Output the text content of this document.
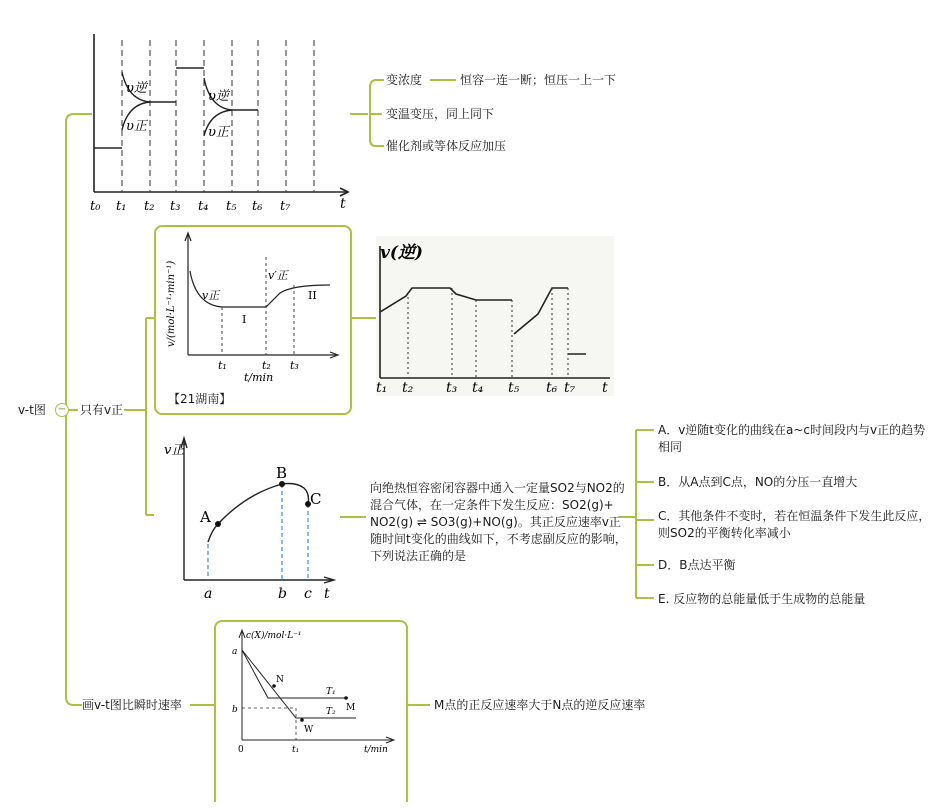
v-t图 −
υ逆
υ正
υ逆
υ正
t₀ t₁ t₂ t₃ t₄ t₅ t₆ t₇	t
变浓度	恒容一连一断；恒压一上一下
变温变压，同上同下
催化剂或等体反应加压
只有v正
v/(mol·L⁻¹·min⁻¹) v正
v′正
I
II
t₁	t₂ t₃
t/min
【21湖南】
v(逆)
t₁ t₂ t₃ t₄ t₅ t₆ t₇ t
v正
A
B
C
a	b c t
向绝热恒容密闭容器中通入一定量SO2与NO2的混合气体，在一定条件下发生反应：SO2(g)+ NO2(g) ⇌ SO3(g)+NO(g)。其正反应速率v正随时间t变化的曲线如下，不考虑副反应的影响，下列说法正确的是
A．v逆随t变化的曲线在a~c时间段内与v正的趋势相同
B．从A点到C点，NO的分压一直增大
C．其他条件不变时，若在恒温条件下发生此反应，则SO2的平衡转化率减小
D．B点达平衡
E. 反应物的总能量低于生成物的总能量
画v-t图比瞬时速率
c(X)/mol·L⁻¹
a
b
0	t₁
N
M
W
T₁
T₂
t/min
M点的正反应速率大于N点的逆反应速率
